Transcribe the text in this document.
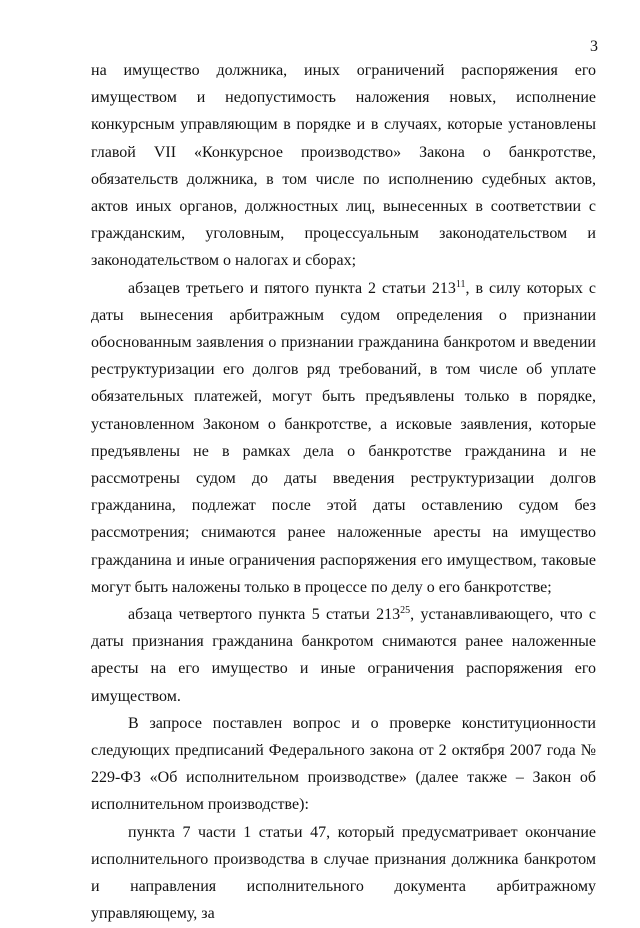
3

на имущество должника, иных ограничений распоряжения его имуществом и недопустимость наложения новых, исполнение конкурсным управляющим в порядке и в случаях, которые установлены главой VII «Конкурсное производство» Закона о банкротстве, обязательств должника, в том числе по исполнению судебных актов, актов иных органов, должностных лиц, вынесенных в соответствии с гражданским, уголовным, процессуальным законодательством и законодательством о налогах и сборах;

абзацев третьего и пятого пункта 2 статьи $213^{11}$, в силу которых с даты вынесения арбитражным судом определения о признании обоснованным заявления о признании гражданина банкротом и введении реструктуризации его долгов ряд требований, в том числе об уплате обязательных платежей, могут быть предъявлены только в порядке, установленном Законом о банкротстве, а исковые заявления, которые предъявлены не в рамках дела о банкротстве гражданина и не рассмотрены судом до даты введения реструктуризации долгов гражданина, подлежат после этой даты оставлению судом без рассмотрения; снимаются ранее наложенные аресты на имущество гражданина и иные ограничения распоряжения его имуществом, таковые могут быть наложены только в процессе по делу о его банкротстве;

абзаца четвертого пункта 5 статьи $213^{25}$, устанавливающего, что с даты признания гражданина банкротом снимаются ранее наложенные аресты на его имущество и иные ограничения распоряжения его имуществом.

В запросе поставлен вопрос и о проверке конституционности следующих предписаний Федерального закона от 2 октября 2007 года № 229-ФЗ «Об исполнительном производстве» (далее также – Закон об исполнительном производстве):

пункта 7 части 1 статьи 47, который предусматривает окончание исполнительного производства в случае признания должника банкротом и направления исполнительного документа арбитражному управляющему, за
